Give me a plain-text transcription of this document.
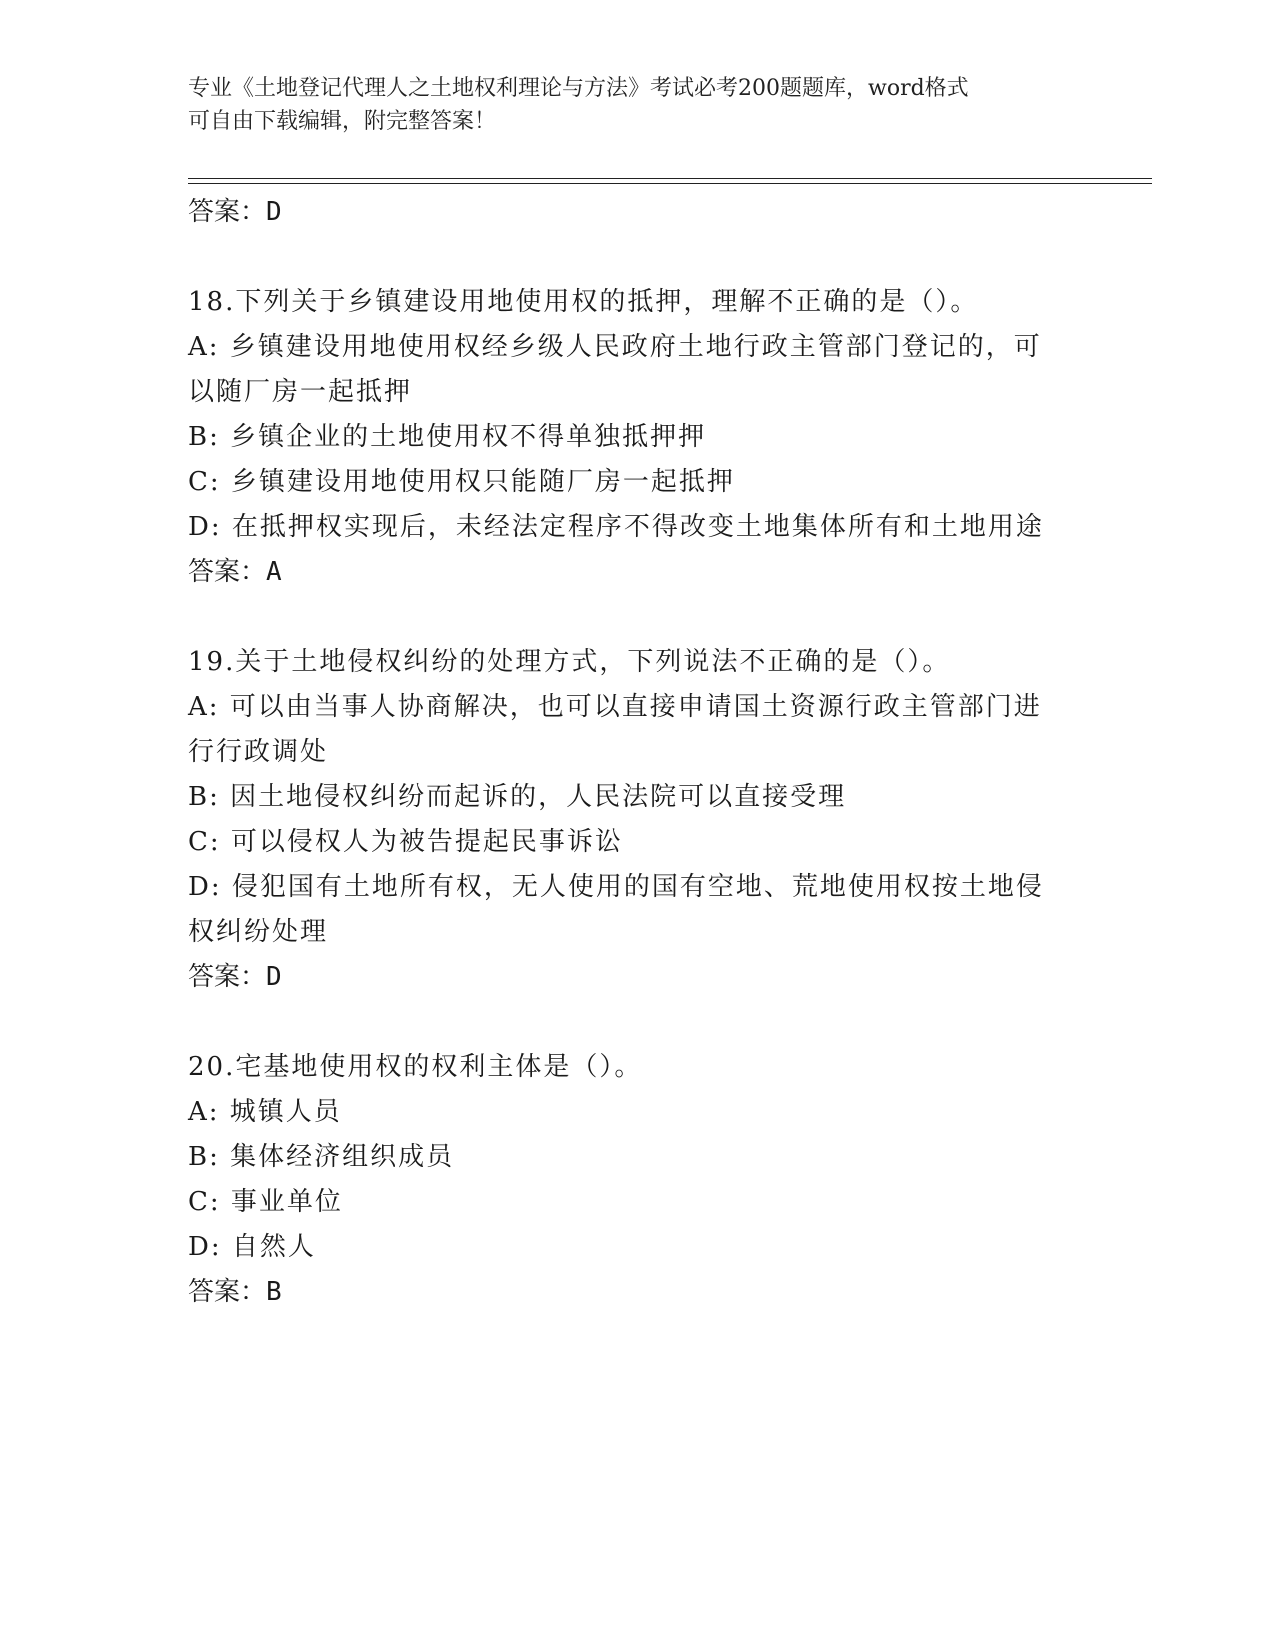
专业《土地登记代理人之土地权利理论与方法》考试必考200题题库，word格式
可自由下载编辑，附完整答案！

答案：D

18.下列关于乡镇建设用地使用权的抵押，理解不正确的是（）。

A: 乡镇建设用地使用权经乡级人民政府土地行政主管部门登记的，可

以随厂房一起抵押

B: 乡镇企业的土地使用权不得单独抵押押

C: 乡镇建设用地使用权只能随厂房一起抵押

D: 在抵押权实现后，未经法定程序不得改变土地集体所有和土地用途

答案：A

19.关于土地侵权纠纷的处理方式，下列说法不正确的是（）。

A: 可以由当事人协商解决，也可以直接申请国土资源行政主管部门进

行行政调处

B: 因土地侵权纠纷而起诉的，人民法院可以直接受理

C: 可以侵权人为被告提起民事诉讼

D: 侵犯国有土地所有权，无人使用的国有空地、荒地使用权按土地侵

权纠纷处理

答案：D

20.宅基地使用权的权利主体是（）。

A: 城镇人员

B: 集体经济组织成员

C: 事业单位

D: 自然人

答案：B
